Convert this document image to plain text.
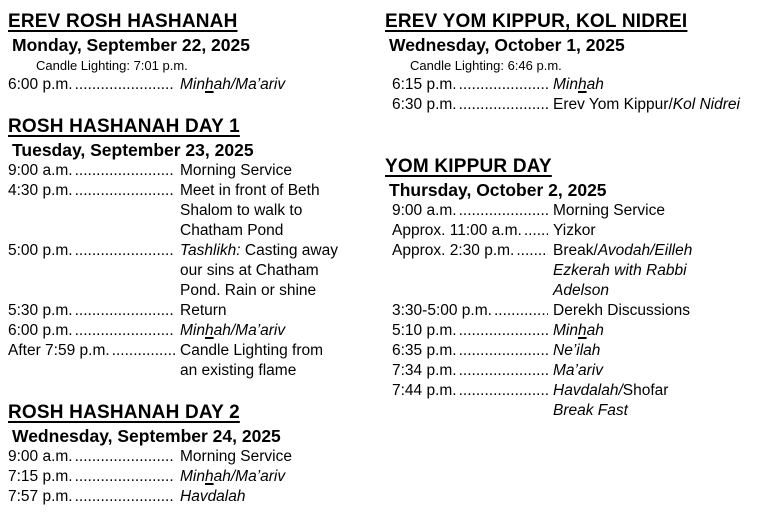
EREV ROSH HASHANAH
Monday, September 22, 2025
Candle Lighting: 7:01 p.m.
6:00 p.m. .....	Minhah/Ma’ariv
ROSH HASHANAH DAY 1
Tuesday, September 23, 2025
9:00 a.m. .....	Morning Service
4:30 p.m. .....	Meet in front of Beth
Shalom to walk to
Chatham Pond
5:00 p.m. .....	Tashlikh: Casting away
our sins at Chatham
Pond. Rain or shine
5:30 p.m. .....	Return
6:00 p.m. .....	Minhah/Ma’ariv
After 7:59 p.m. .....	Candle Lighting from
an existing flame
ROSH HASHANAH DAY 2
Wednesday, September 24, 2025
9:00 a.m. .....	Morning Service
7:15 p.m. .....	Minhah/Ma’ariv
7:57 p.m. .....	Havdalah
EREV YOM KIPPUR, KOL NIDREI
Wednesday, October 1, 2025
Candle Lighting: 6:46 p.m.
6:15 p.m. .....	Minhah
6:30 p.m. .....	Erev Yom Kippur/Kol Nidrei
YOM KIPPUR DAY
Thursday, October 2, 2025
9:00 a.m. .....	Morning Service
Approx. 11:00 a.m. ..... Yizkor
Approx. 2:30 p.m. ..... Break/Avodah/Eilleh
Ezkerah with Rabbi
Adelson
3:30-5:00 p.m. .....	Derekh Discussions
5:10 p.m. .....	Minhah
6:35 p.m. .....	Ne’ilah
7:34 p.m. .....	Ma’ariv
7:44 p.m. .....	Havdalah/Shofar
Break Fast
